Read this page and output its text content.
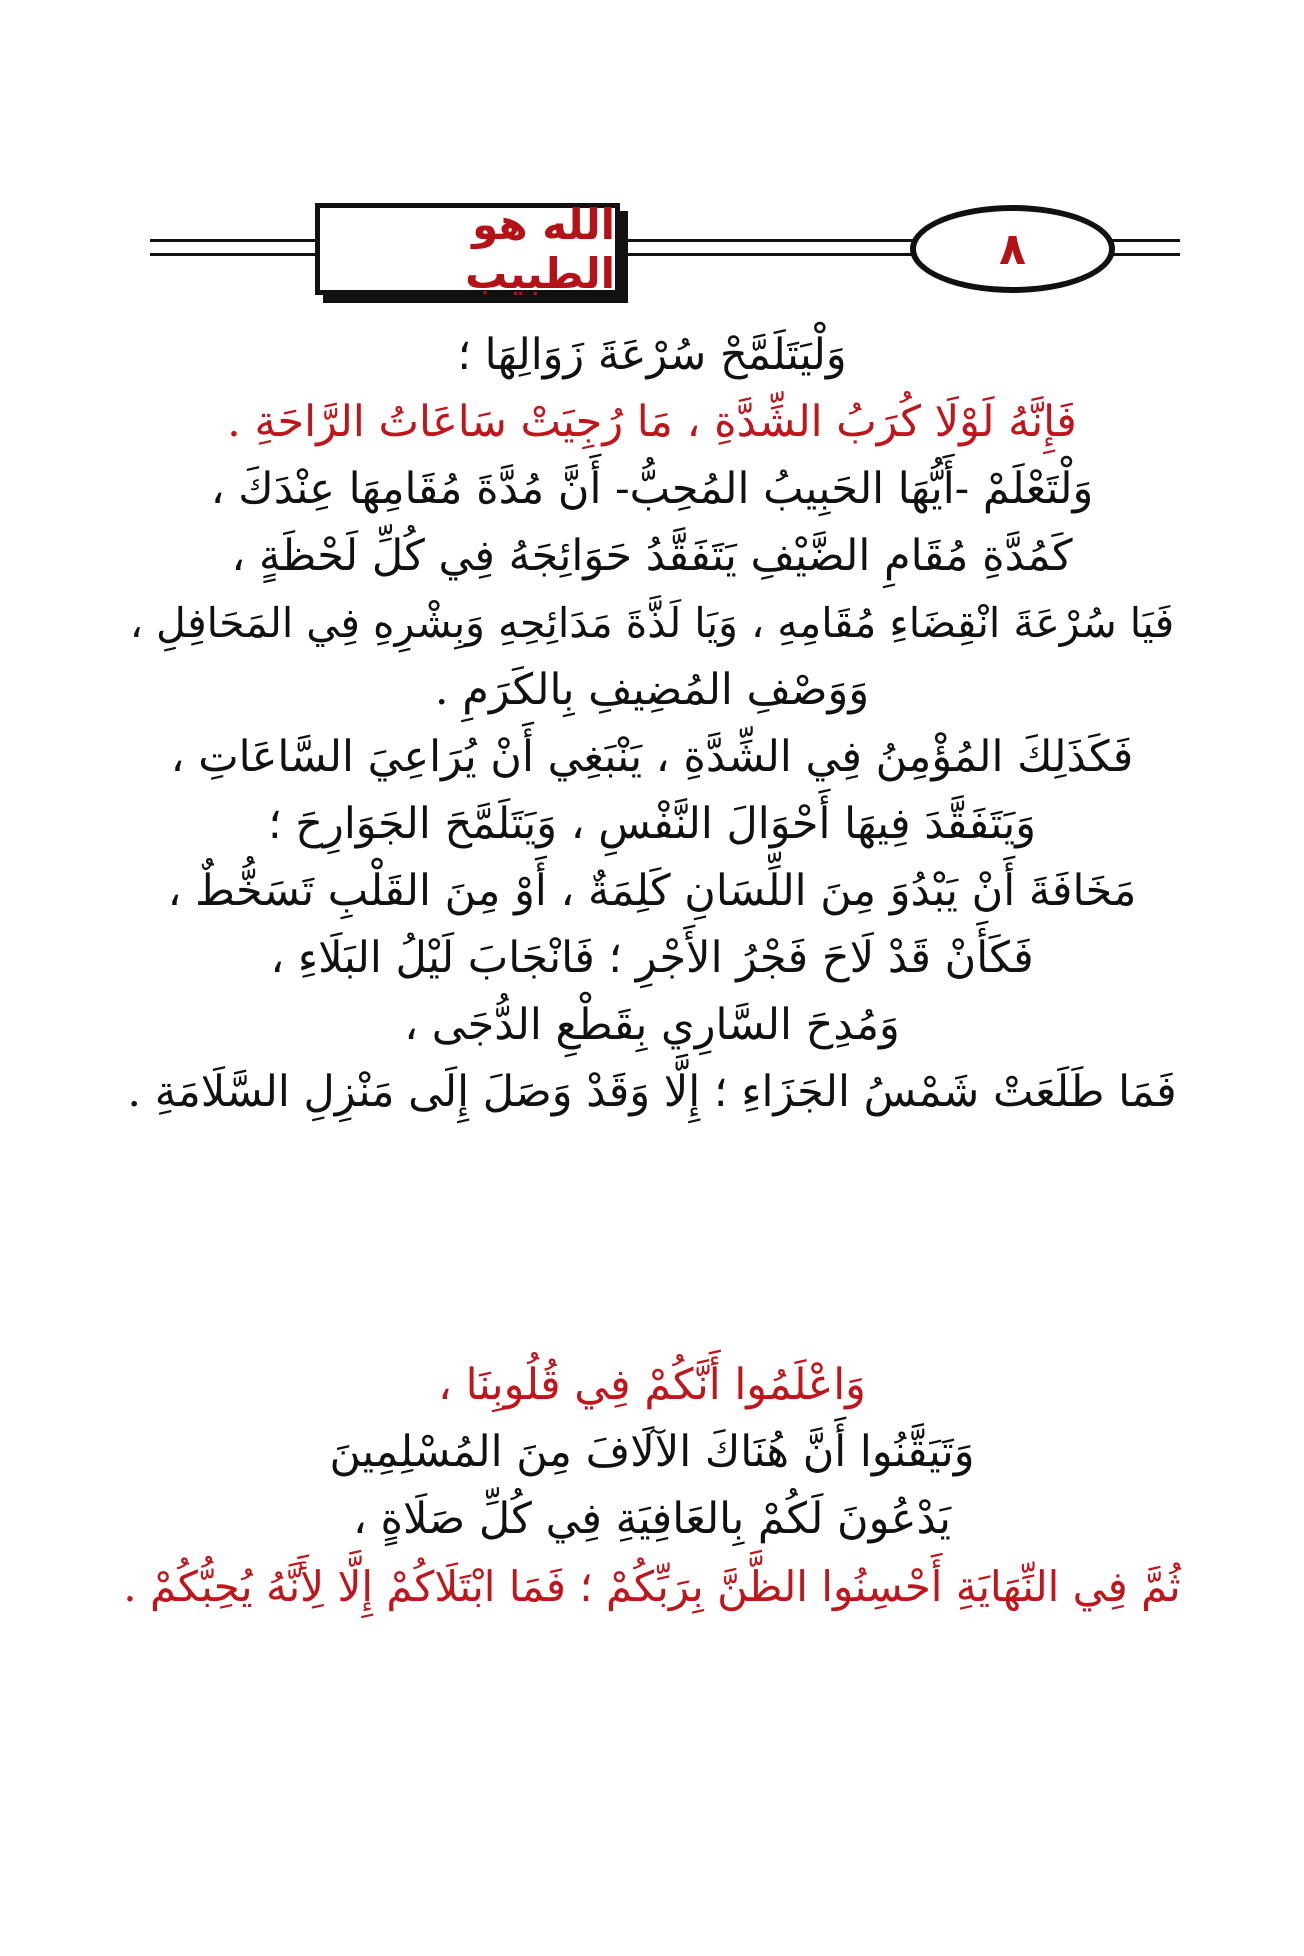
الله هو الطبيب	٨
وَلْيَتَلَمَّحْ سُرْعَةَ زَوَالِهَا ؛
فَإِنَّهُ لَوْلَا كُرَبُ الشِّدَّةِ ، مَا رُجِيَتْ سَاعَاتُ الرَّاحَةِ .
وَلْتَعْلَمْ -أَيُّهَا الحَبِيبُ المُحِبُّ- أَنَّ مُدَّةَ مُقَامِهَا عِنْدَكَ ،
كَمُدَّةِ مُقَامِ الضَّيْفِ يَتَفَقَّدُ حَوَائِجَهُ فِي كُلِّ لَحْظَةٍ ،
فَيَا سُرْعَةَ انْقِضَاءِ مُقَامِهِ ، وَيَا لَذَّةَ مَدَائِحِهِ وَبِشْرِهِ فِي المَحَافِلِ ،
وَوَصْفِ المُضِيفِ بِالكَرَمِ .
فَكَذَلِكَ المُؤْمِنُ فِي الشِّدَّةِ ، يَنْبَغِي أَنْ يُرَاعِيَ السَّاعَاتِ ،
وَيَتَفَقَّدَ فِيهَا أَحْوَالَ النَّفْسِ ، وَيَتَلَمَّحَ الجَوَارِحَ ؛
مَخَافَةَ أَنْ يَبْدُوَ مِنَ اللِّسَانِ كَلِمَةٌ ، أَوْ مِنَ القَلْبِ تَسَخُّطٌ ،
فَكَأَنْ قَدْ لَاحَ فَجْرُ الأَجْرِ ؛ فَانْجَابَ لَيْلُ البَلَاءِ ،
وَمُدِحَ السَّارِي بِقَطْعِ الدُّجَى ،
فَمَا طَلَعَتْ شَمْسُ الجَزَاءِ ؛ إِلَّا وَقَدْ وَصَلَ إِلَى مَنْزِلِ السَّلَامَةِ .
وَاعْلَمُوا أَنَّكُمْ فِي قُلُوبِنَا ،
وَتَيَقَّنُوا أَنَّ هُنَاكَ الآلَافَ مِنَ المُسْلِمِينَ
يَدْعُونَ لَكُمْ بِالعَافِيَةِ فِي كُلِّ صَلَاةٍ ،
ثُمَّ فِي النِّهَايَةِ أَحْسِنُوا الظَّنَّ بِرَبِّكُمْ ؛ فَمَا ابْتَلَاكُمْ إِلَّا لِأَنَّهُ يُحِبُّكُمْ .
